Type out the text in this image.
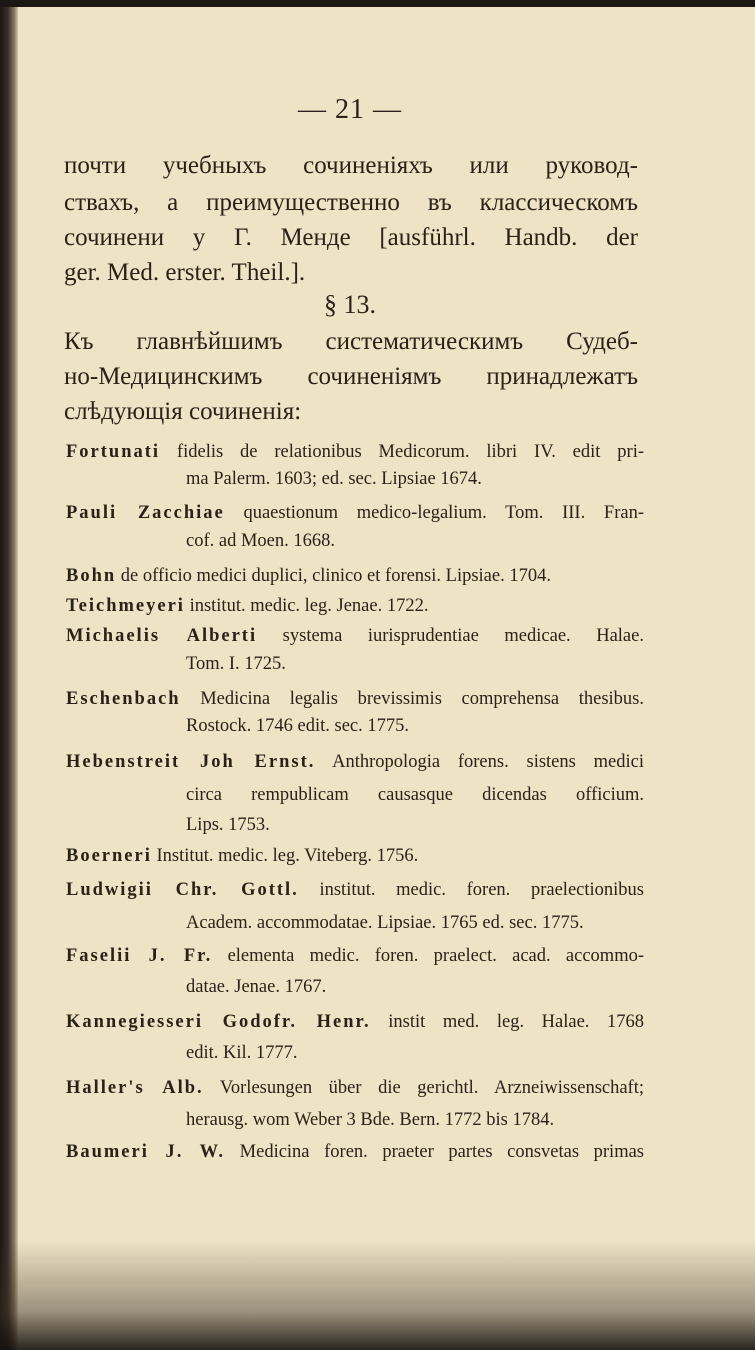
— 21 —
почти учебныхъ сочиненіяхъ или руковод-
ствахъ, а преимущественно въ классическомъ
сочинени у Г. Менде [ausführl. Handb. der
ger. Med. erster. Theil.].
§ 13.
Къ главнѣйшимъ систематическимъ Судеб-
но-Медицинскимъ сочиненіямъ принадлежатъ
слѣдующія сочиненія:
Fortunati fidelis de relationibus Medicorum. libri IV. edit pri-
ma Palerm. 1603; ed. sec. Lipsiae 1674.
Pauli Zacchiae quaestionum medico-legalium. Tom. III. Fran-
cof. ad Moen. 1668.
Bohn de officio medici duplici, clinico et forensi. Lipsiae. 1704.
Teichmeyeri institut. medic. leg. Jenae. 1722.
Michaelis Alberti systema iurisprudentiae medicae. Halae.
Tom. I. 1725.
Eschenbach Medicina legalis brevissimis comprehensa thesibus.
Rostock. 1746 edit. sec. 1775.
Hebenstreit Joh Ernst. Anthropologia forens. sistens medici
circa rempublicam causasque dicendas officium.
Lips. 1753.
Boerneri Institut. medic. leg. Viteberg. 1756.
Ludwigii Chr. Gottl. institut. medic. foren. praelectionibus
Academ. accommodatae. Lipsiae. 1765 ed. sec. 1775.
Faselii J. Fr. elementa medic. foren. praelect. acad. accommo-
datae. Jenae. 1767.
Kannegiesseri Godofr. Henr. instit med. leg. Halae. 1768
edit. Kil. 1777.
Haller's Alb. Vorlesungen über die gerichtl. Arzneiwissenschaft;
herausg. wom Weber 3 Bde. Bern. 1772 bis 1784.
Baumeri J. W. Medicina foren. praeter partes consvetas primas
